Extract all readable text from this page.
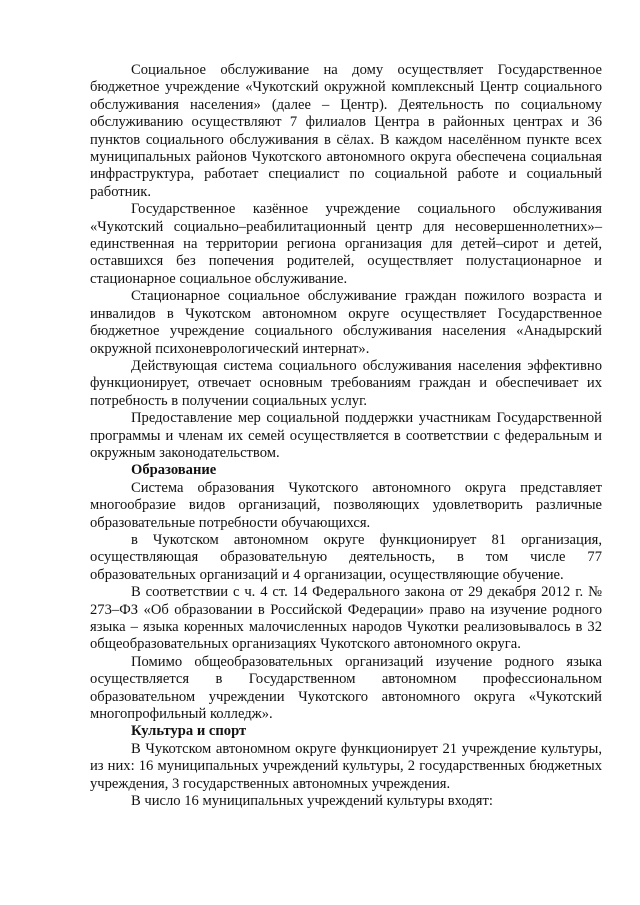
Социальное обслуживание на дому осуществляет Государственное бюджетное учреждение «Чукотский окружной комплексный Центр социального обслуживания населения» (далее – Центр). Деятельность по социальному обслуживанию осуществляют 7 филиалов Центра в районных центрах и 36 пунктов социального обслуживания в сёлах. В каждом населённом пункте всех муниципальных районов Чукотского автономного округа обеспечена социальная инфраструктура, работает специалист по социальной работе и социальный работник.

Государственное казённое учреждение социального обслуживания «Чукотский социально–реабилитационный центр для несовершеннолетних»– единственная на территории региона организация для детей–сирот и детей, оставшихся без попечения родителей, осуществляет полустационарное и стационарное социальное обслуживание.

Стационарное социальное обслуживание граждан пожилого возраста и инвалидов в Чукотском автономном округе осуществляет Государственное бюджетное учреждение социального обслуживания населения «Анадырский окружной психоневрологический интернат».

Действующая система социального обслуживания населения эффективно функционирует, отвечает основным требованиям граждан и обеспечивает их потребность в получении социальных услуг.

Предоставление мер социальной поддержки участникам Государственной программы и членам их семей осуществляется в соответствии с федеральным и окружным законодательством.

Образование

Система образования Чукотского автономного округа представляет многообразие видов организаций, позволяющих удовлетворить различные образовательные потребности обучающихся.

в Чукотском автономном округе функционирует 81 организация, осуществляющая образовательную деятельность, в том числе 77 образовательных организаций и 4 организации, осуществляющие обучение.

В соответствии с ч. 4 ст. 14 Федерального закона от 29 декабря 2012 г. № 273–ФЗ «Об образовании в Российской Федерации» право на изучение родного языка – языка коренных малочисленных народов Чукотки реализовывалось в 32 общеобразовательных организациях Чукотского автономного округа.

Помимо общеобразовательных организаций изучение родного языка осуществляется в Государственном автономном профессиональном образовательном учреждении Чукотского автономного округа «Чукотский многопрофильный колледж».

Культура и спорт

В Чукотском автономном округе функционирует 21 учреждение культуры, из них: 16 муниципальных учреждений культуры, 2 государственных бюджетных учреждения, 3 государственных автономных учреждения.

В число 16 муниципальных учреждений культуры входят:
